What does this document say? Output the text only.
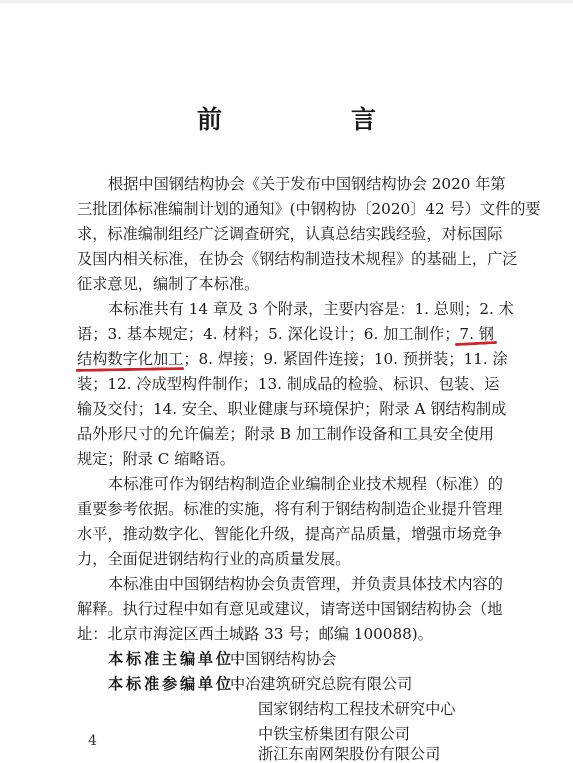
前　言
根据中国钢结构协会《关于发布中国钢结构协会 2020 年第
三批团体标准编制计划的通知》(中钢构协〔2020〕42 号）文件的要
求，标准编制组经广泛调查研究，认真总结实践经验，对标国际
及国内相关标准，在协会《钢结构制造技术规程》的基础上，广泛
征求意见，编制了本标准。
本标准共有 14 章及 3 个附录，主要内容是：1. 总则；2. 术
语；3. 基本规定；4. 材料；5. 深化设计；6. 加工制作；7. 钢
结构数字化加工；8. 焊接；9. 紧固件连接；10. 预拼装；11. 涂
装；12. 冷成型构件制作；13. 制成品的检验、标识、包装、运
输及交付；14. 安全、职业健康与环境保护；附录 A 钢结构制成
品外形尺寸的允许偏差；附录 B 加工制作设备和工具安全使用
规定；附录 C 缩略语。
本标准可作为钢结构制造企业编制企业技术规程（标准）的
重要参考依据。标准的实施，将有利于钢结构制造企业提升管理
水平，推动数字化、智能化升级，提高产品质量，增强市场竞争
力，全面促进钢结构行业的高质量发展。
本标准由中国钢结构协会负责管理，并负责具体技术内容的
解释。执行过程中如有意见或建议，请寄送中国钢结构协会（地
址：北京市海淀区西土城路 33 号；邮编 100088)。
本标准主编单位：
中国钢结构协会
本标准参编单位：
中冶建筑研究总院有限公司
国家钢结构工程技术研究中心
中铁宝桥集团有限公司
浙江东南网架股份有限公司
4
